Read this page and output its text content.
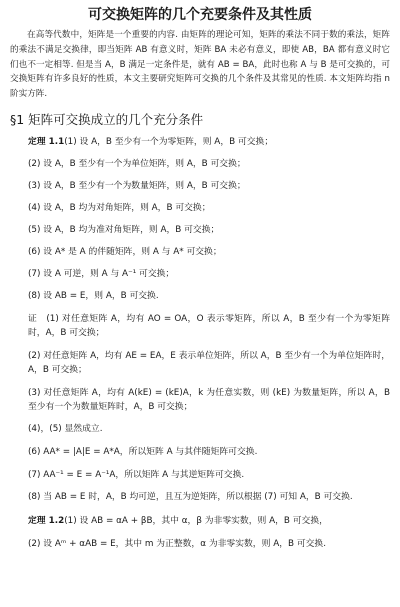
可交换矩阵的几个充要条件及其性质

在高等代数中，矩阵是一个重要的内容. 由矩阵的理论可知，矩阵的乘法不同于数的乘法，矩阵的乘法不满足交换律，即当矩阵 AB 有意义时，矩阵 BA 未必有意义，即使 AB，BA 都有意义时它们也不一定相等. 但是当 A，B 满足一定条件是，就有 AB = BA，此时也称 A 与 B 是可交换的，可交换矩阵有许多良好的性质，本文主要研究矩阵可交换的几个条件及其常见的性质. 本文矩阵均指 n 阶实方阵.

§1 矩阵可交换成立的几个充分条件

定理 1.1(1) 设 A，B 至少有一个为零矩阵，则 A，B 可交换；

(2) 设 A，B 至少有一个为单位矩阵，则 A，B 可交换；

(3) 设 A，B 至少有一个为数量矩阵，则 A，B 可交换；

(4) 设 A，B 均为对角矩阵，则 A，B 可交换；

(5) 设 A，B 均为准对角矩阵，则 A，B 可交换；

(6) 设 A* 是 A 的伴随矩阵，则 A 与 A* 可交换；

(7) 设 A 可逆，则 A 与 A⁻¹ 可交换；

(8) 设 AB = E，则 A，B 可交换.

证　(1) 对任意矩阵 A，均有 AO = OA，O 表示零矩阵，所以 A，B 至少有一个为零矩阵时，A，B 可交换；

(2) 对任意矩阵 A，均有 AE = EA，E 表示单位矩阵，所以 A，B 至少有一个为单位矩阵时，A，B 可交换；

(3) 对任意矩阵 A，均有 A(kE) = (kE)A，k 为任意实数，则 (kE) 为数量矩阵，所以 A，B 至少有一个为数量矩阵时，A，B 可交换；

(4)，(5) 显然成立.

(6) AA* = |A|E = A*A，所以矩阵 A 与其伴随矩阵可交换.

(7) AA⁻¹ = E = A⁻¹A，所以矩阵 A 与其逆矩阵可交换.

(8) 当 AB = E 时，A，B 均可逆，且互为逆矩阵，所以根据 (7) 可知 A，B 可交换.

定理 1.2(1) 设 AB = αA + βB，其中 α，β 为非零实数，则 A，B 可交换，

(2) 设 Aᵐ + αAB = E，其中 m 为正整数，α 为非零实数，则 A，B 可交换.
